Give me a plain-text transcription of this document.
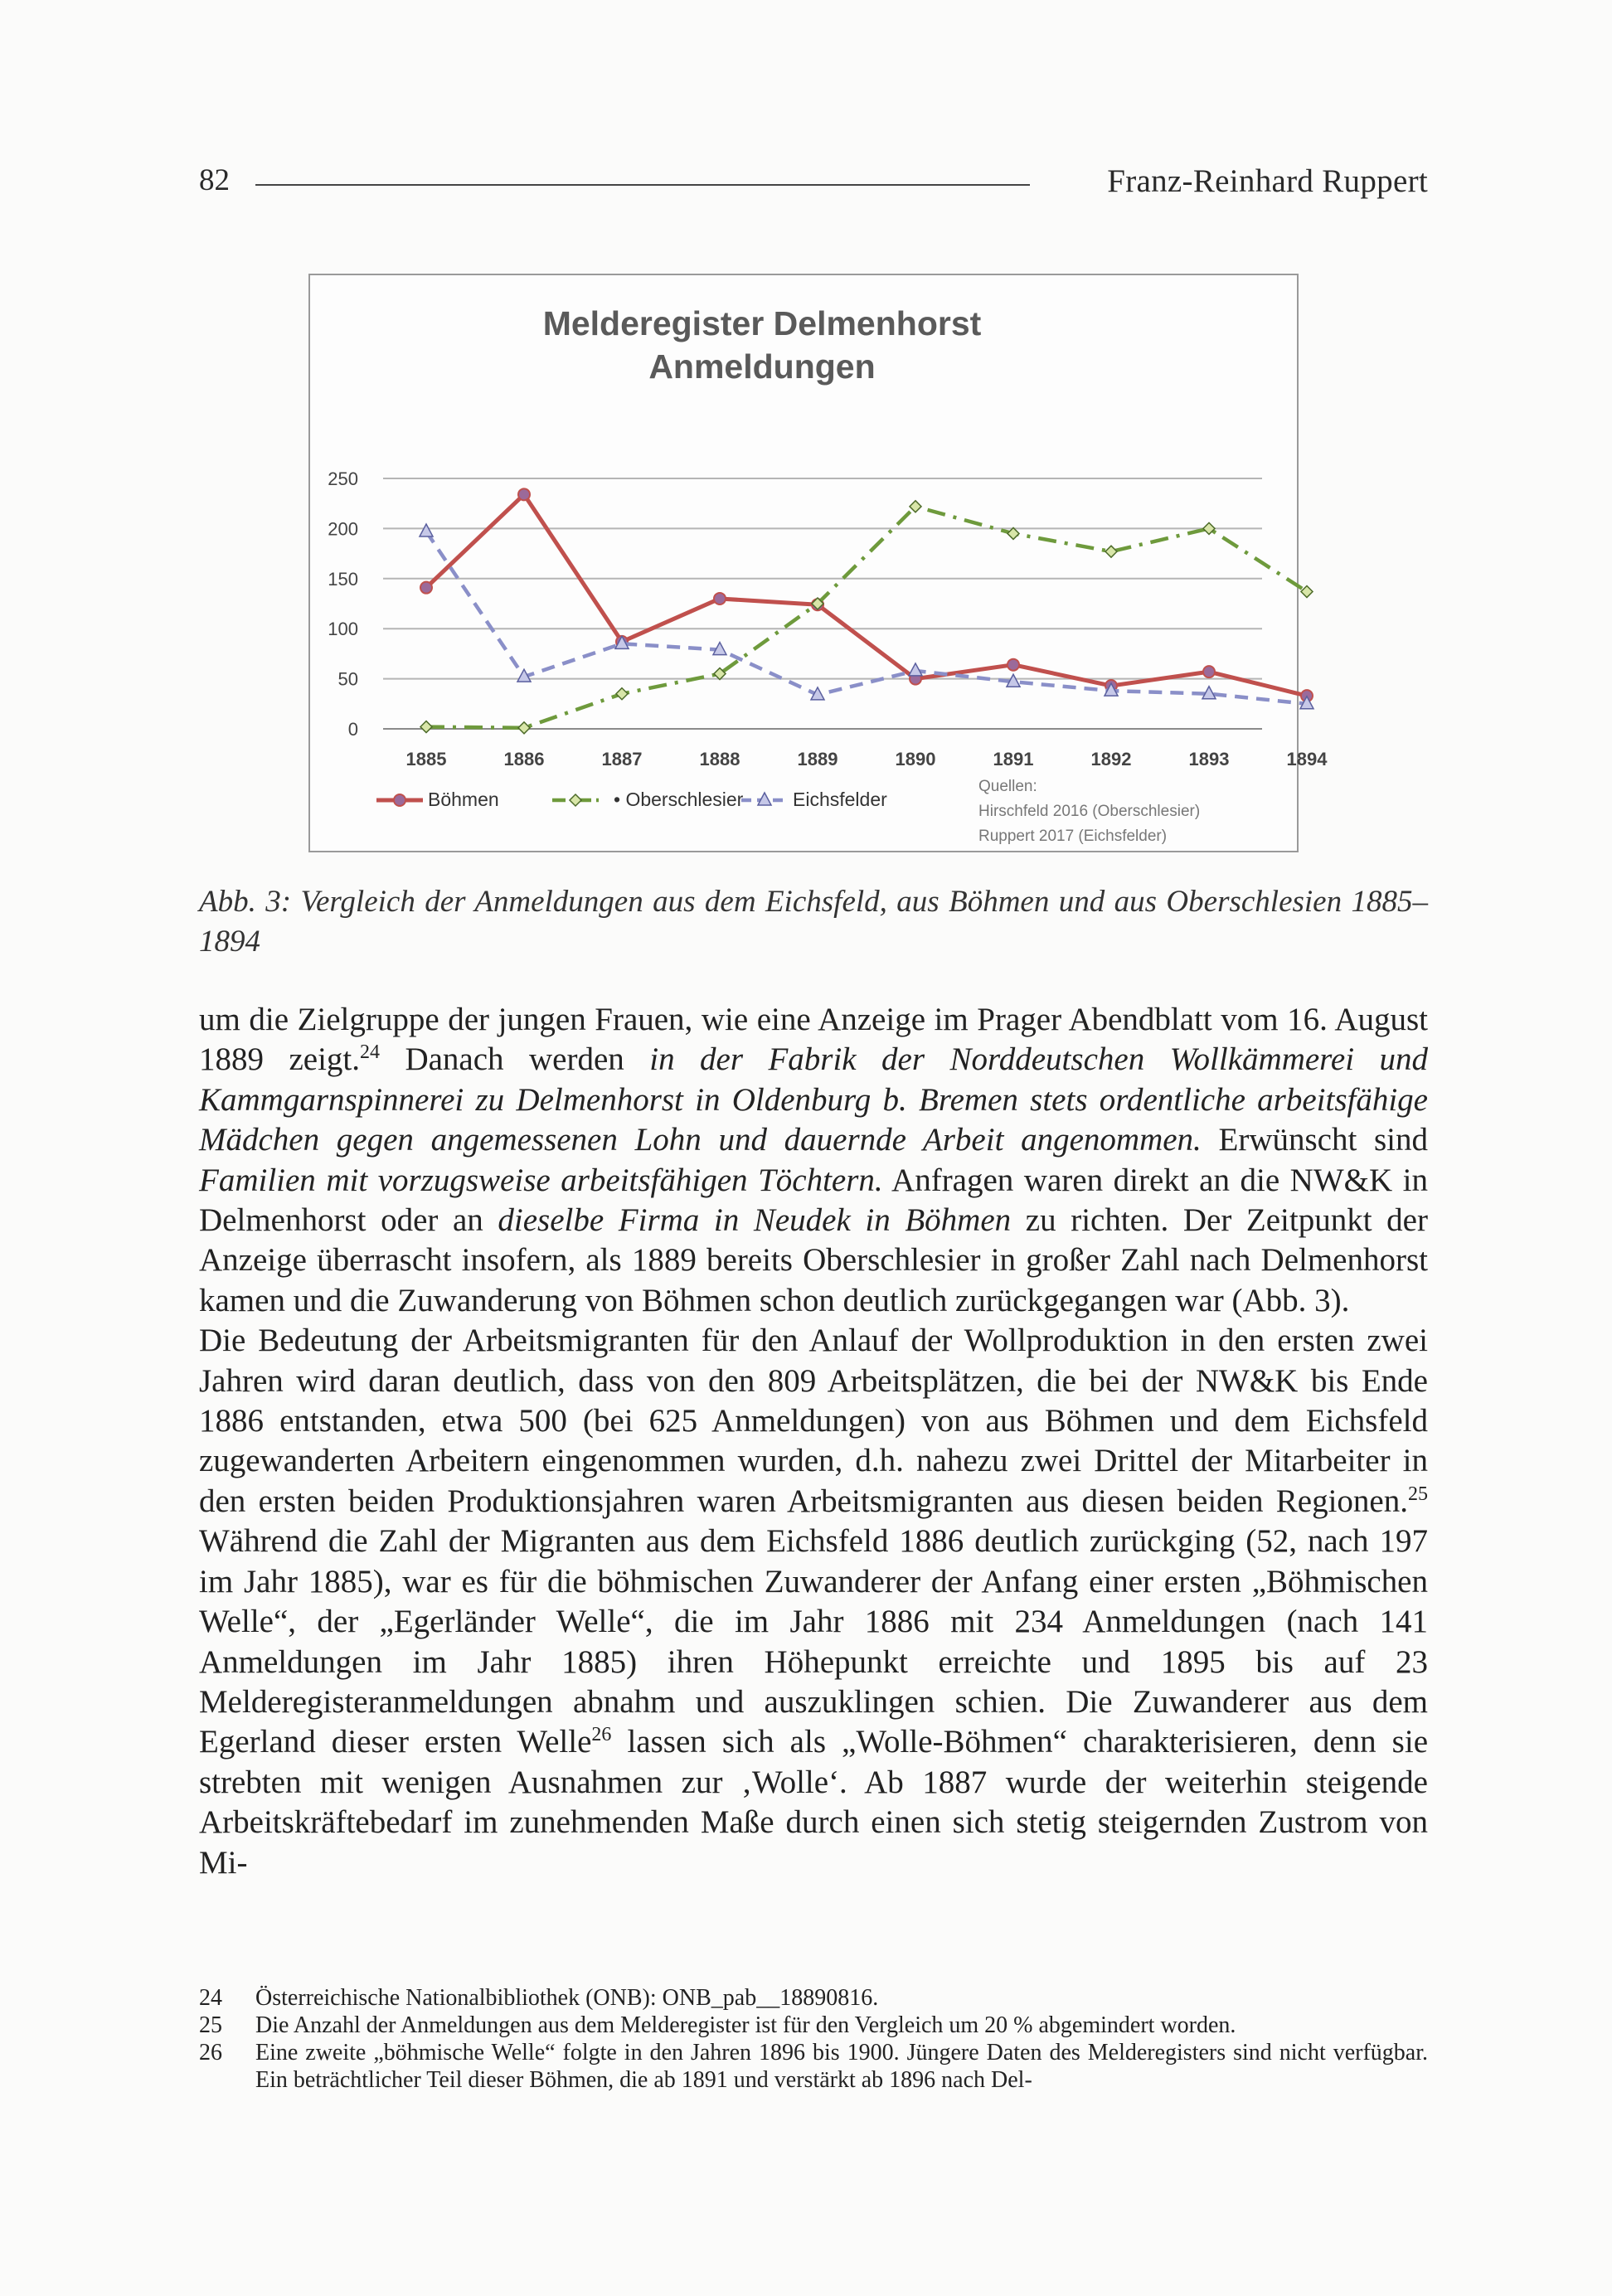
82	Franz-Reinhard Ruppert
Melderegister Delmenhorst
Anmeldungen
0
50
100
150
200
250
1885	1886	1887	1888	1889	1890	1891	1892	1893	1894
Böhmen	• Oberschlesier	Eichsfelder
Quellen:
Hirschfeld 2016 (Oberschlesier)
Ruppert 2017 (Eichsfelder)
Abb. 3: Vergleich der Anmeldungen aus dem Eichsfeld, aus Böhmen und aus Oberschlesien 1885–1894

um die Zielgruppe der jungen Frauen, wie eine Anzeige im Prager Abendblatt vom 16. August 1889 zeigt.$^{24}$ Danach werden in der Fabrik der Norddeutschen Wollkämmerei und Kammgarnspinnerei zu Delmenhorst in Oldenburg b. Bremen stets ordentliche arbeitsfähige Mädchen gegen angemessenen Lohn und dauernde Arbeit angenommen. Erwünscht sind Familien mit vorzugsweise arbeitsfähigen Töchtern. Anfragen waren direkt an die NW&K in Delmenhorst oder an dieselbe Firma in Neudek in Böhmen zu richten. Der Zeitpunkt der Anzeige überrascht insofern, als 1889 bereits Oberschlesier in großer Zahl nach Delmenhorst kamen und die Zuwanderung von Böhmen schon deutlich zurückgegangen war (Abb. 3).

Die Bedeutung der Arbeitsmigranten für den Anlauf der Wollproduktion in den ersten zwei Jahren wird daran deutlich, dass von den 809 Arbeitsplätzen, die bei der NW&K bis Ende 1886 entstanden, etwa 500 (bei 625 Anmeldungen) von aus Böhmen und dem Eichsfeld zugewanderten Arbeitern eingenommen wurden, d.h. nahezu zwei Drittel der Mitarbeiter in den ersten beiden Produktionsjahren waren Arbeitsmigranten aus diesen beiden Regionen.$^{25}$ Während die Zahl der Migranten aus dem Eichsfeld 1886 deutlich zurückging (52, nach 197 im Jahr 1885), war es für die böhmischen Zuwanderer der Anfang einer ersten „Böhmischen Welle“, der „Egerländer Welle“, die im Jahr 1886 mit 234 Anmeldungen (nach 141 Anmeldungen im Jahr 1885) ihren Höhepunkt erreichte und 1895 bis auf 23 Melderegisteranmeldungen abnahm und auszuklingen schien. Die Zuwanderer aus dem Egerland dieser ersten Welle$^{26}$ lassen sich als „Wolle-Böhmen“ charakterisieren, denn sie strebten mit wenigen Ausnahmen zur ‚Wolle‘. Ab 1887 wurde der weiterhin steigende Arbeitskräftebedarf im zunehmenden Maße durch einen sich stetig steigernden Zustrom von Mi-

24	Österreichische Nationalbibliothek (ONB): ONB_pab__18890816.
25	Die Anzahl der Anmeldungen aus dem Melderegister ist für den Vergleich um 20 % abgemindert worden.
26	Eine zweite „böhmische Welle“ folgte in den Jahren 1896 bis 1900. Jüngere Daten des Melderegisters sind nicht verfügbar. Ein beträchtlicher Teil dieser Böhmen, die ab 1891 und verstärkt ab 1896 nach Del-
